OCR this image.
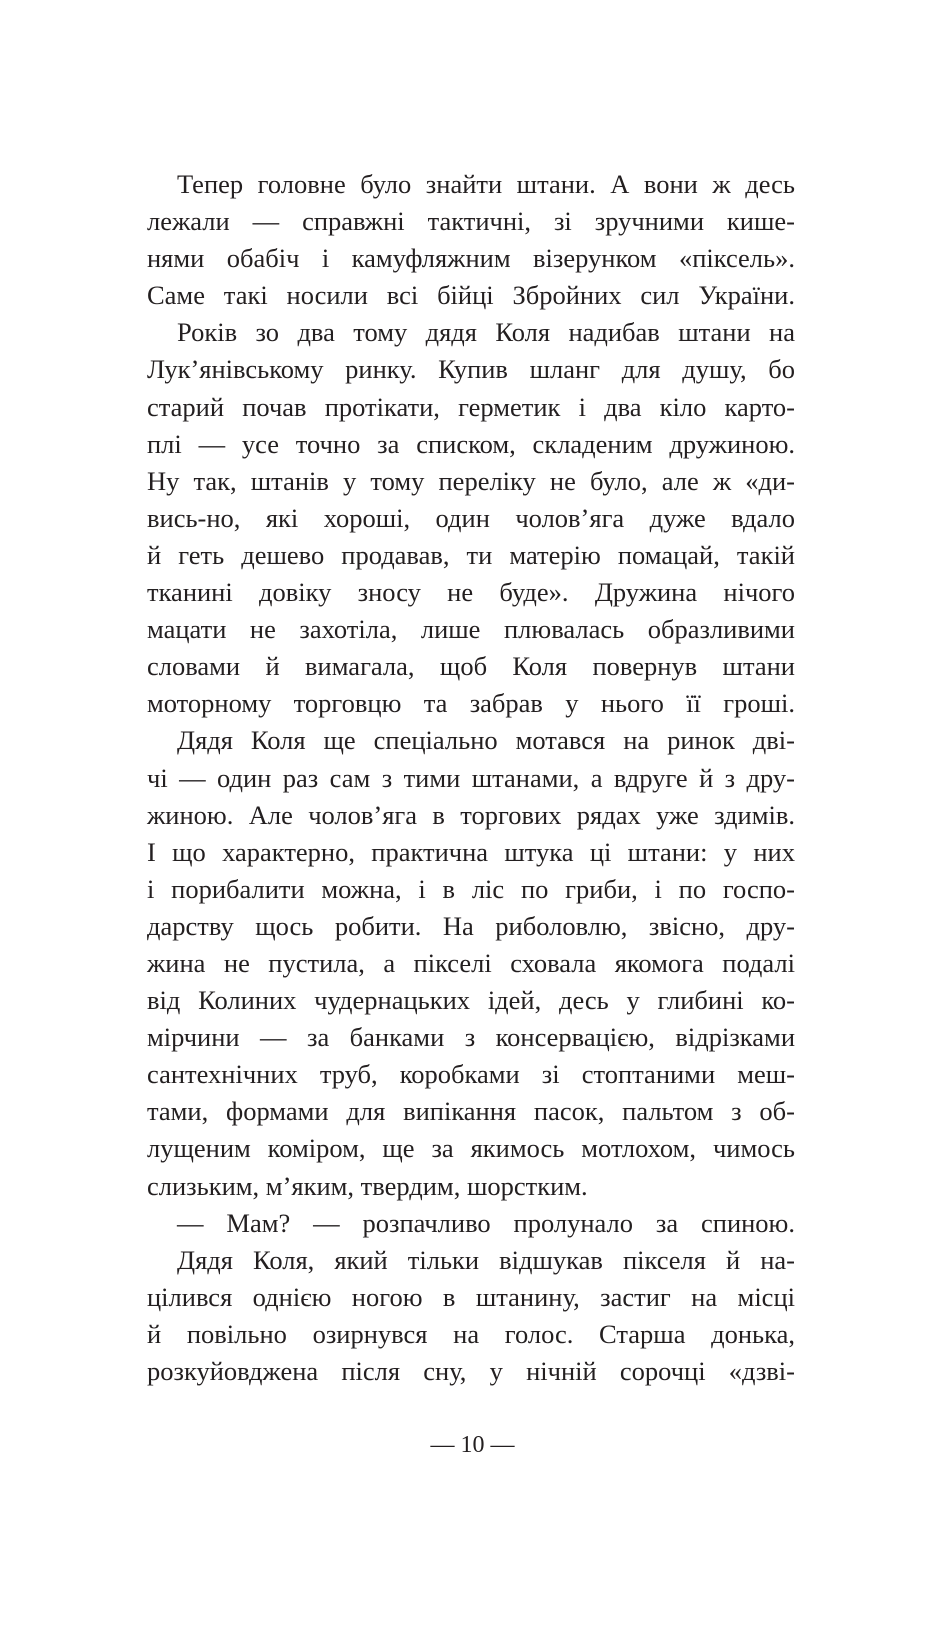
Тепер головне було знайти штани. А вони ж десь
лежали — справжні тактичні, зі зручними кише-
нями обабіч і камуфляжним візерунком «піксель».
Саме такі носили всі бійці Збройних сил України.
Років зо два тому дядя Коля надибав штани на
Лук’янівському ринку. Купив шланг для душу, бо
старий почав протікати, герметик і два кіло карто-
плі — усе точно за списком, складеним дружиною.
Ну так, штанів у тому переліку не було, але ж «ди-
вись-но, які хороші, один чолов’яга дуже вдало
й геть дешево продавав, ти матерію помацай, такій
тканині довіку зносу не буде». Дружина нічого
мацати не захотіла, лише плювалась образливими
словами й вимагала, щоб Коля повернув штани
моторному торговцю та забрав у нього її гроші.
Дядя Коля ще спеціально мотався на ринок дві-
чі — один раз сам з тими штанами, а вдруге й з дру-
жиною. Але чолов’яга в торгових рядах уже здимів.
І що характерно, практична штука ці штани: у них
і порибалити можна, і в ліс по гриби, і по госпо-
дарству щось робити. На риболовлю, звісно, дру-
жина не пустила, а пікселі сховала якомога подалі
від Колиних чудернацьких ідей, десь у глибині ко-
мірчини — за банками з консервацією, відрізками
сантехнічних труб, коробками зі стоптаними меш-
тами, формами для випікання пасок, пальтом з об-
лущеним коміром, ще за якимось мотлохом, чимось
слизьким, м’яким, твердим, шорстким.
— Мам? — розпачливо пролунало за спиною.
Дядя Коля, який тільки відшукав пікселя й на-
цілився однією ногою в штанину, застиг на місці
й повільно озирнувся на голос. Старша донька,
розкуйовджена після сну, у нічній сорочці «дзві-
— 10 —
